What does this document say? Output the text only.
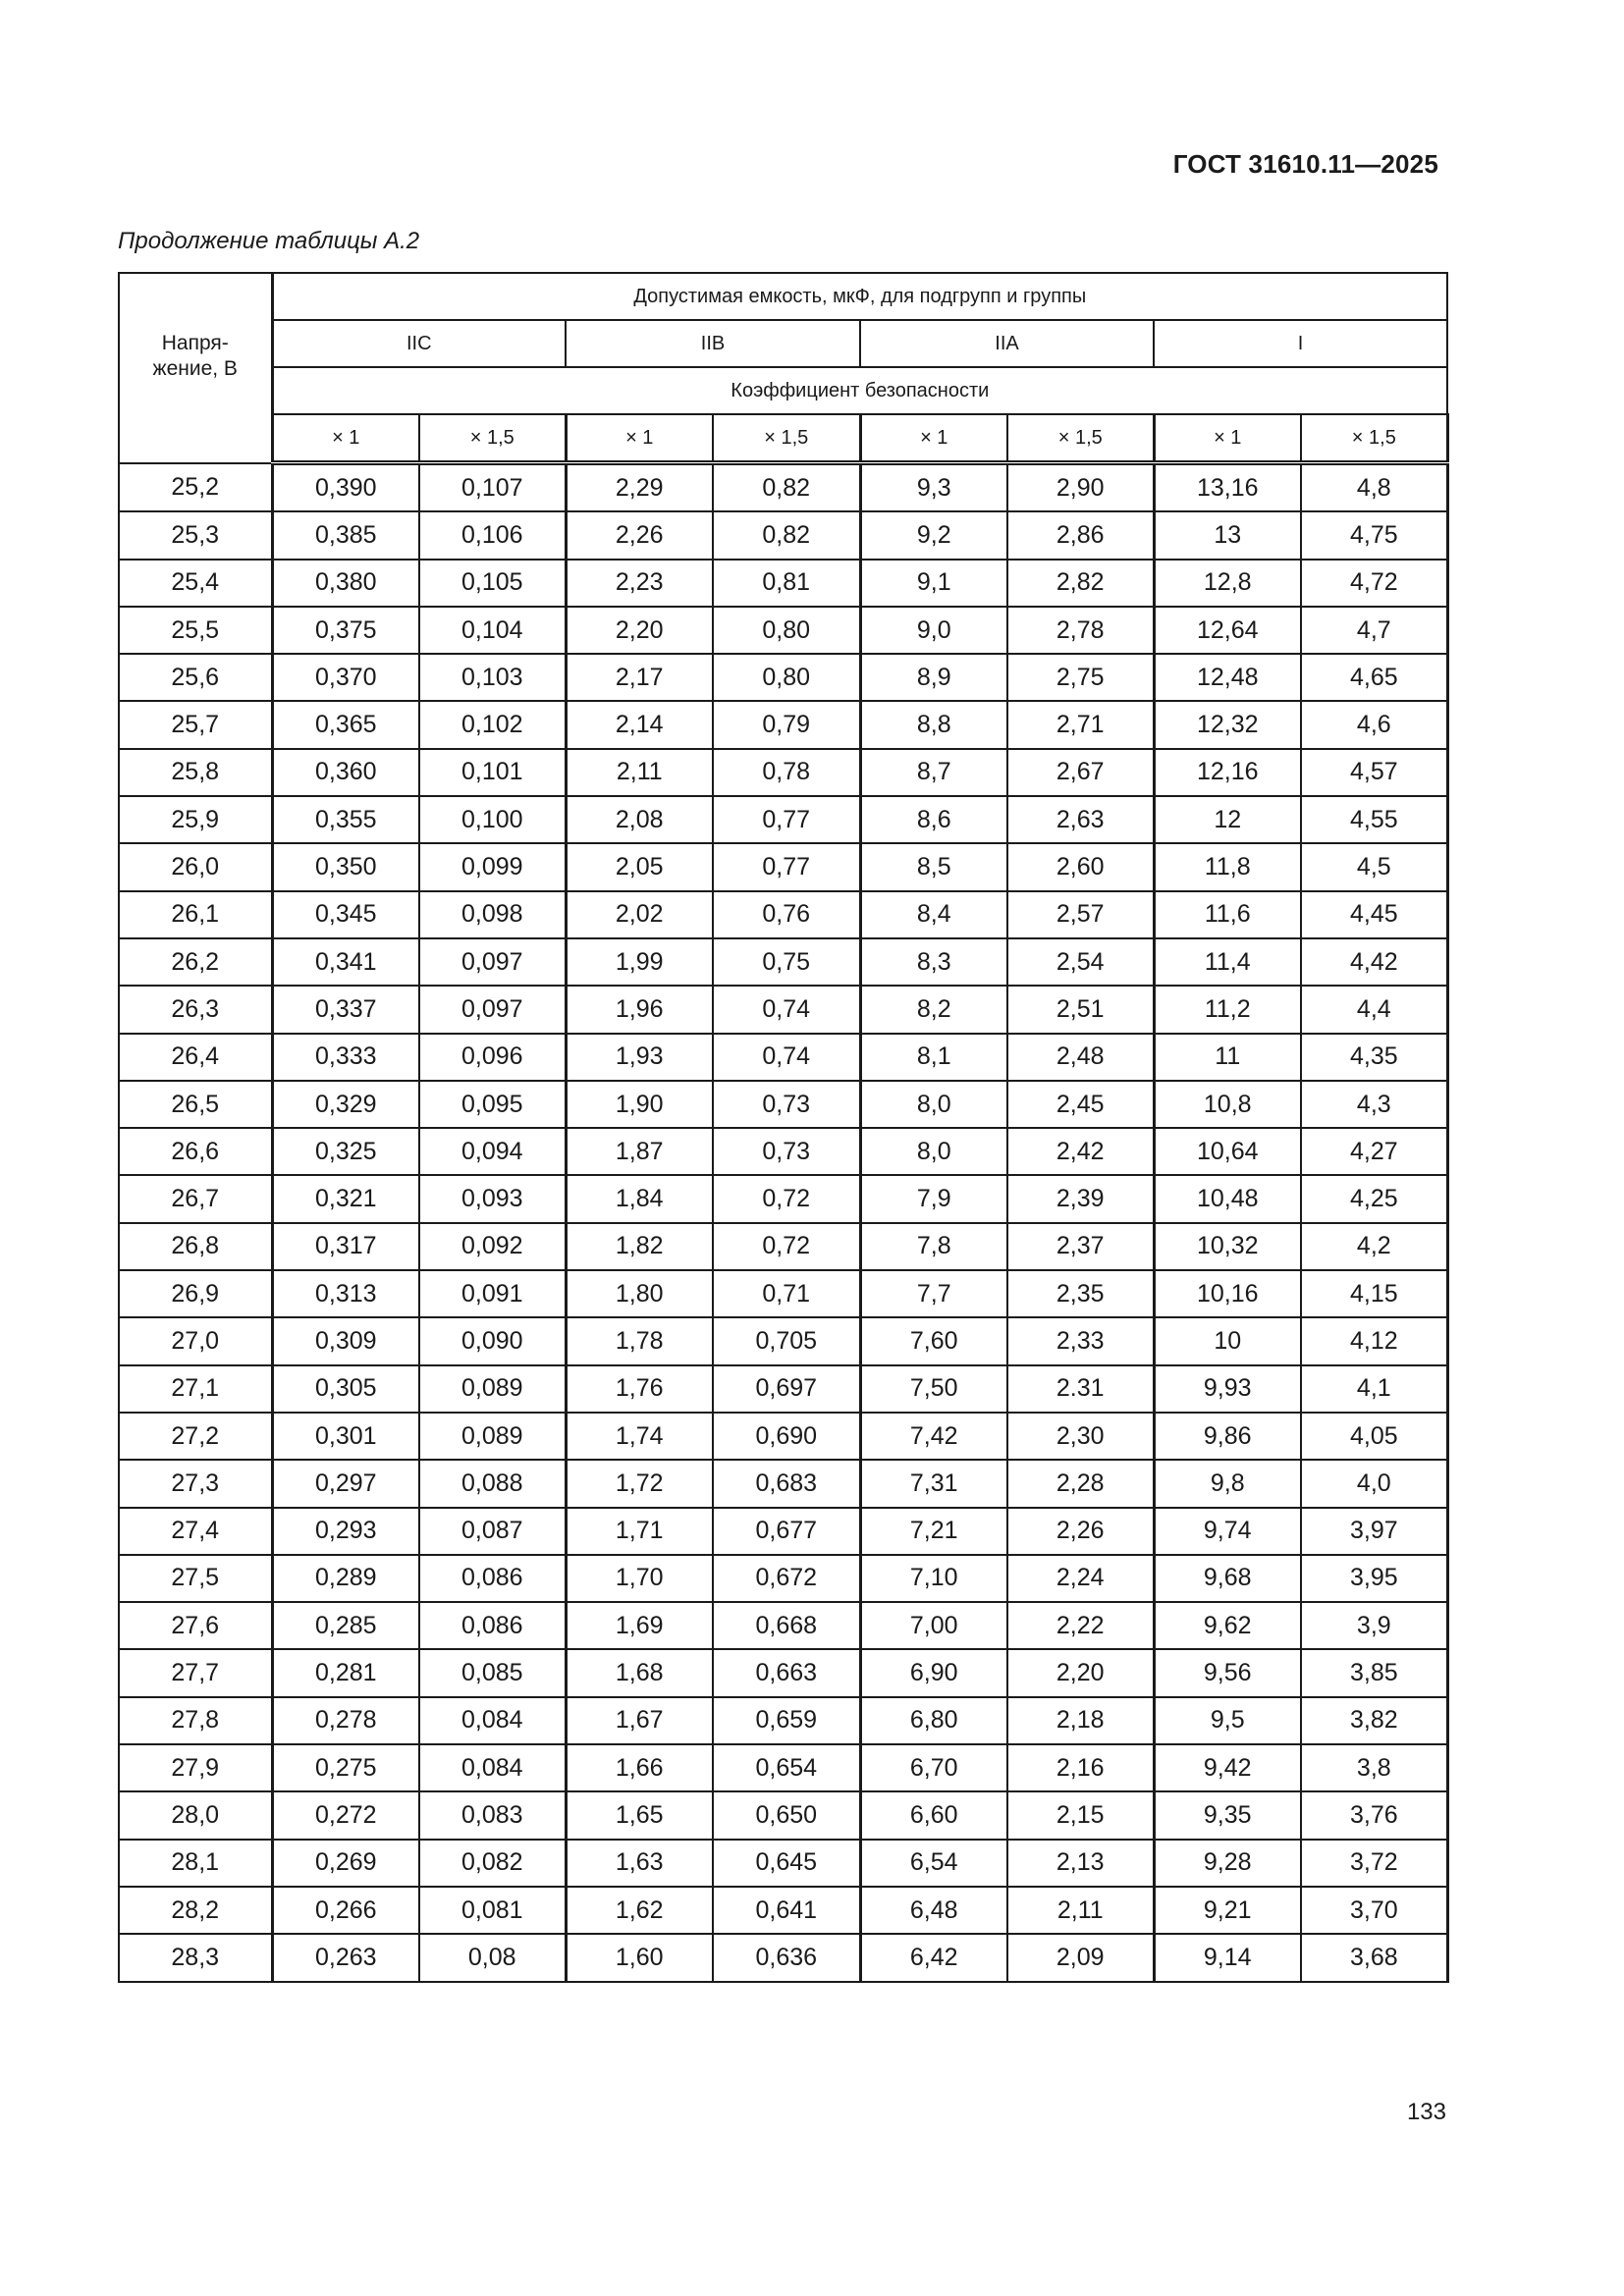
ГОСТ 31610.11—2025
Продолжение таблицы А.2
Напря-
жение, В	Допустимая емкость, мкФ, для подгрупп и группы							
	IIC		IIB		IIA		I	
	Коэффициент безопасности							
	× 1	× 1,5	× 1	× 1,5	× 1	× 1,5	× 1	× 1,5
25,2	0,390	0,107	2,29	0,82	9,3	2,90	13,16	4,8
25,3	0,385	0,106	2,26	0,82	9,2	2,86	13	4,75
25,4	0,380	0,105	2,23	0,81	9,1	2,82	12,8	4,72
25,5	0,375	0,104	2,20	0,80	9,0	2,78	12,64	4,7
25,6	0,370	0,103	2,17	0,80	8,9	2,75	12,48	4,65
25,7	0,365	0,102	2,14	0,79	8,8	2,71	12,32	4,6
25,8	0,360	0,101	2,11	0,78	8,7	2,67	12,16	4,57
25,9	0,355	0,100	2,08	0,77	8,6	2,63	12	4,55
26,0	0,350	0,099	2,05	0,77	8,5	2,60	11,8	4,5
26,1	0,345	0,098	2,02	0,76	8,4	2,57	11,6	4,45
26,2	0,341	0,097	1,99	0,75	8,3	2,54	11,4	4,42
26,3	0,337	0,097	1,96	0,74	8,2	2,51	11,2	4,4
26,4	0,333	0,096	1,93	0,74	8,1	2,48	11	4,35
26,5	0,329	0,095	1,90	0,73	8,0	2,45	10,8	4,3
26,6	0,325	0,094	1,87	0,73	8,0	2,42	10,64	4,27
26,7	0,321	0,093	1,84	0,72	7,9	2,39	10,48	4,25
26,8	0,317	0,092	1,82	0,72	7,8	2,37	10,32	4,2
26,9	0,313	0,091	1,80	0,71	7,7	2,35	10,16	4,15
27,0	0,309	0,090	1,78	0,705	7,60	2,33	10	4,12
27,1	0,305	0,089	1,76	0,697	7,50	2.31	9,93	4,1
27,2	0,301	0,089	1,74	0,690	7,42	2,30	9,86	4,05
27,3	0,297	0,088	1,72	0,683	7,31	2,28	9,8	4,0
27,4	0,293	0,087	1,71	0,677	7,21	2,26	9,74	3,97
27,5	0,289	0,086	1,70	0,672	7,10	2,24	9,68	3,95
27,6	0,285	0,086	1,69	0,668	7,00	2,22	9,62	3,9
27,7	0,281	0,085	1,68	0,663	6,90	2,20	9,56	3,85
27,8	0,278	0,084	1,67	0,659	6,80	2,18	9,5	3,82
27,9	0,275	0,084	1,66	0,654	6,70	2,16	9,42	3,8
28,0	0,272	0,083	1,65	0,650	6,60	2,15	9,35	3,76
28,1	0,269	0,082	1,63	0,645	6,54	2,13	9,28	3,72
28,2	0,266	0,081	1,62	0,641	6,48	2,11	9,21	3,70
28,3	0,263	0,08	1,60	0,636	6,42	2,09	9,14	3,68
133
